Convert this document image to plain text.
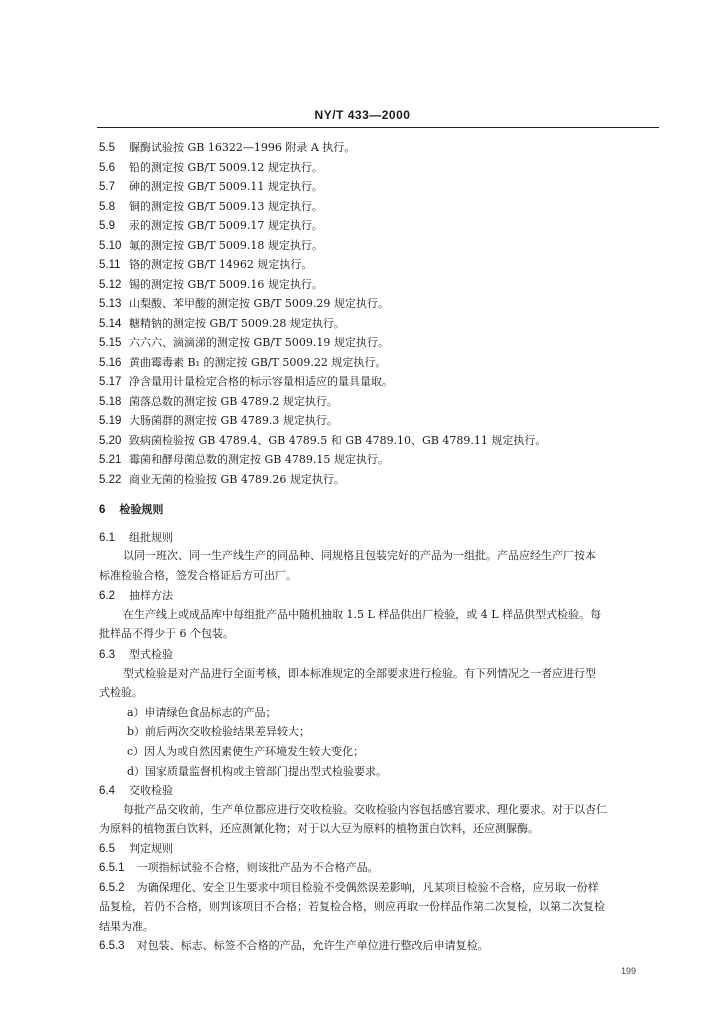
NY/T 433—2000
5.5 脲酶试验按 GB 16322—1996 附录 A 执行。
5.6 铅的测定按 GB/T 5009.12 规定执行。
5.7 砷的测定按 GB/T 5009.11 规定执行。
5.8 铜的测定按 GB/T 5009.13 规定执行。
5.9 汞的测定按 GB/T 5009.17 规定执行。
5.10 氟的测定按 GB/T 5009.18 规定执行。
5.11 铬的测定按 GB/T 14962 规定执行。
5.12 锡的测定按 GB/T 5009.16 规定执行。
5.13 山梨酸、苯甲酸的测定按 GB/T 5009.29 规定执行。
5.14 糖精钠的测定按 GB/T 5009.28 规定执行。
5.15 六六六、滴滴涕的测定按 GB/T 5009.19 规定执行。
5.16 黄曲霉毒素 B₁ 的测定按 GB/T 5009.22 规定执行。
5.17 净含量用计量检定合格的标示容量相适应的量具量取。
5.18 菌落总数的测定按 GB 4789.2 规定执行。
5.19 大肠菌群的测定按 GB 4789.3 规定执行。
5.20 致病菌检验按 GB 4789.4、GB 4789.5 和 GB 4789.10、GB 4789.11 规定执行。
5.21 霉菌和酵母菌总数的测定按 GB 4789.15 规定执行。
5.22 商业无菌的检验按 GB 4789.26 规定执行。
6 检验规则
6.1 组批规则
以同一班次、同一生产线生产的同品种、同规格且包装完好的产品为一组批。产品应经生产厂按本
标准检验合格，签发合格证后方可出厂。
6.2 抽样方法
在生产线上或成品库中每组批产品中随机抽取 1.5 L 样品供出厂检验，或 4 L 样品供型式检验。每
批样品不得少于 6 个包装。
6.3 型式检验
型式检验是对产品进行全面考核，即本标准规定的全部要求进行检验。有下列情况之一者应进行型
式检验。
a）申请绿色食品标志的产品；
b）前后两次交收检验结果差异较大；
c）因人为或自然因素使生产环境发生较大变化；
d）国家质量监督机构或主管部门提出型式检验要求。
6.4 交收检验
每批产品交收前，生产单位都应进行交收检验。交收检验内容包括感官要求、理化要求。对于以杏仁
为原料的植物蛋白饮料，还应测氰化物；对于以大豆为原料的植物蛋白饮料，还应测脲酶。
6.5 判定规则
6.5.1 一项指标试验不合格，则该批产品为不合格产品。
6.5.2 为确保理化、安全卫生要求中项目检验不受偶然误差影响，凡某项目检验不合格，应另取一份样
品复检，若仍不合格，则判该项目不合格；若复检合格，则应再取一份样品作第二次复检，以第二次复检
结果为准。
6.5.3 对包装、标志、标签不合格的产品，允许生产单位进行整改后申请复检。
199
